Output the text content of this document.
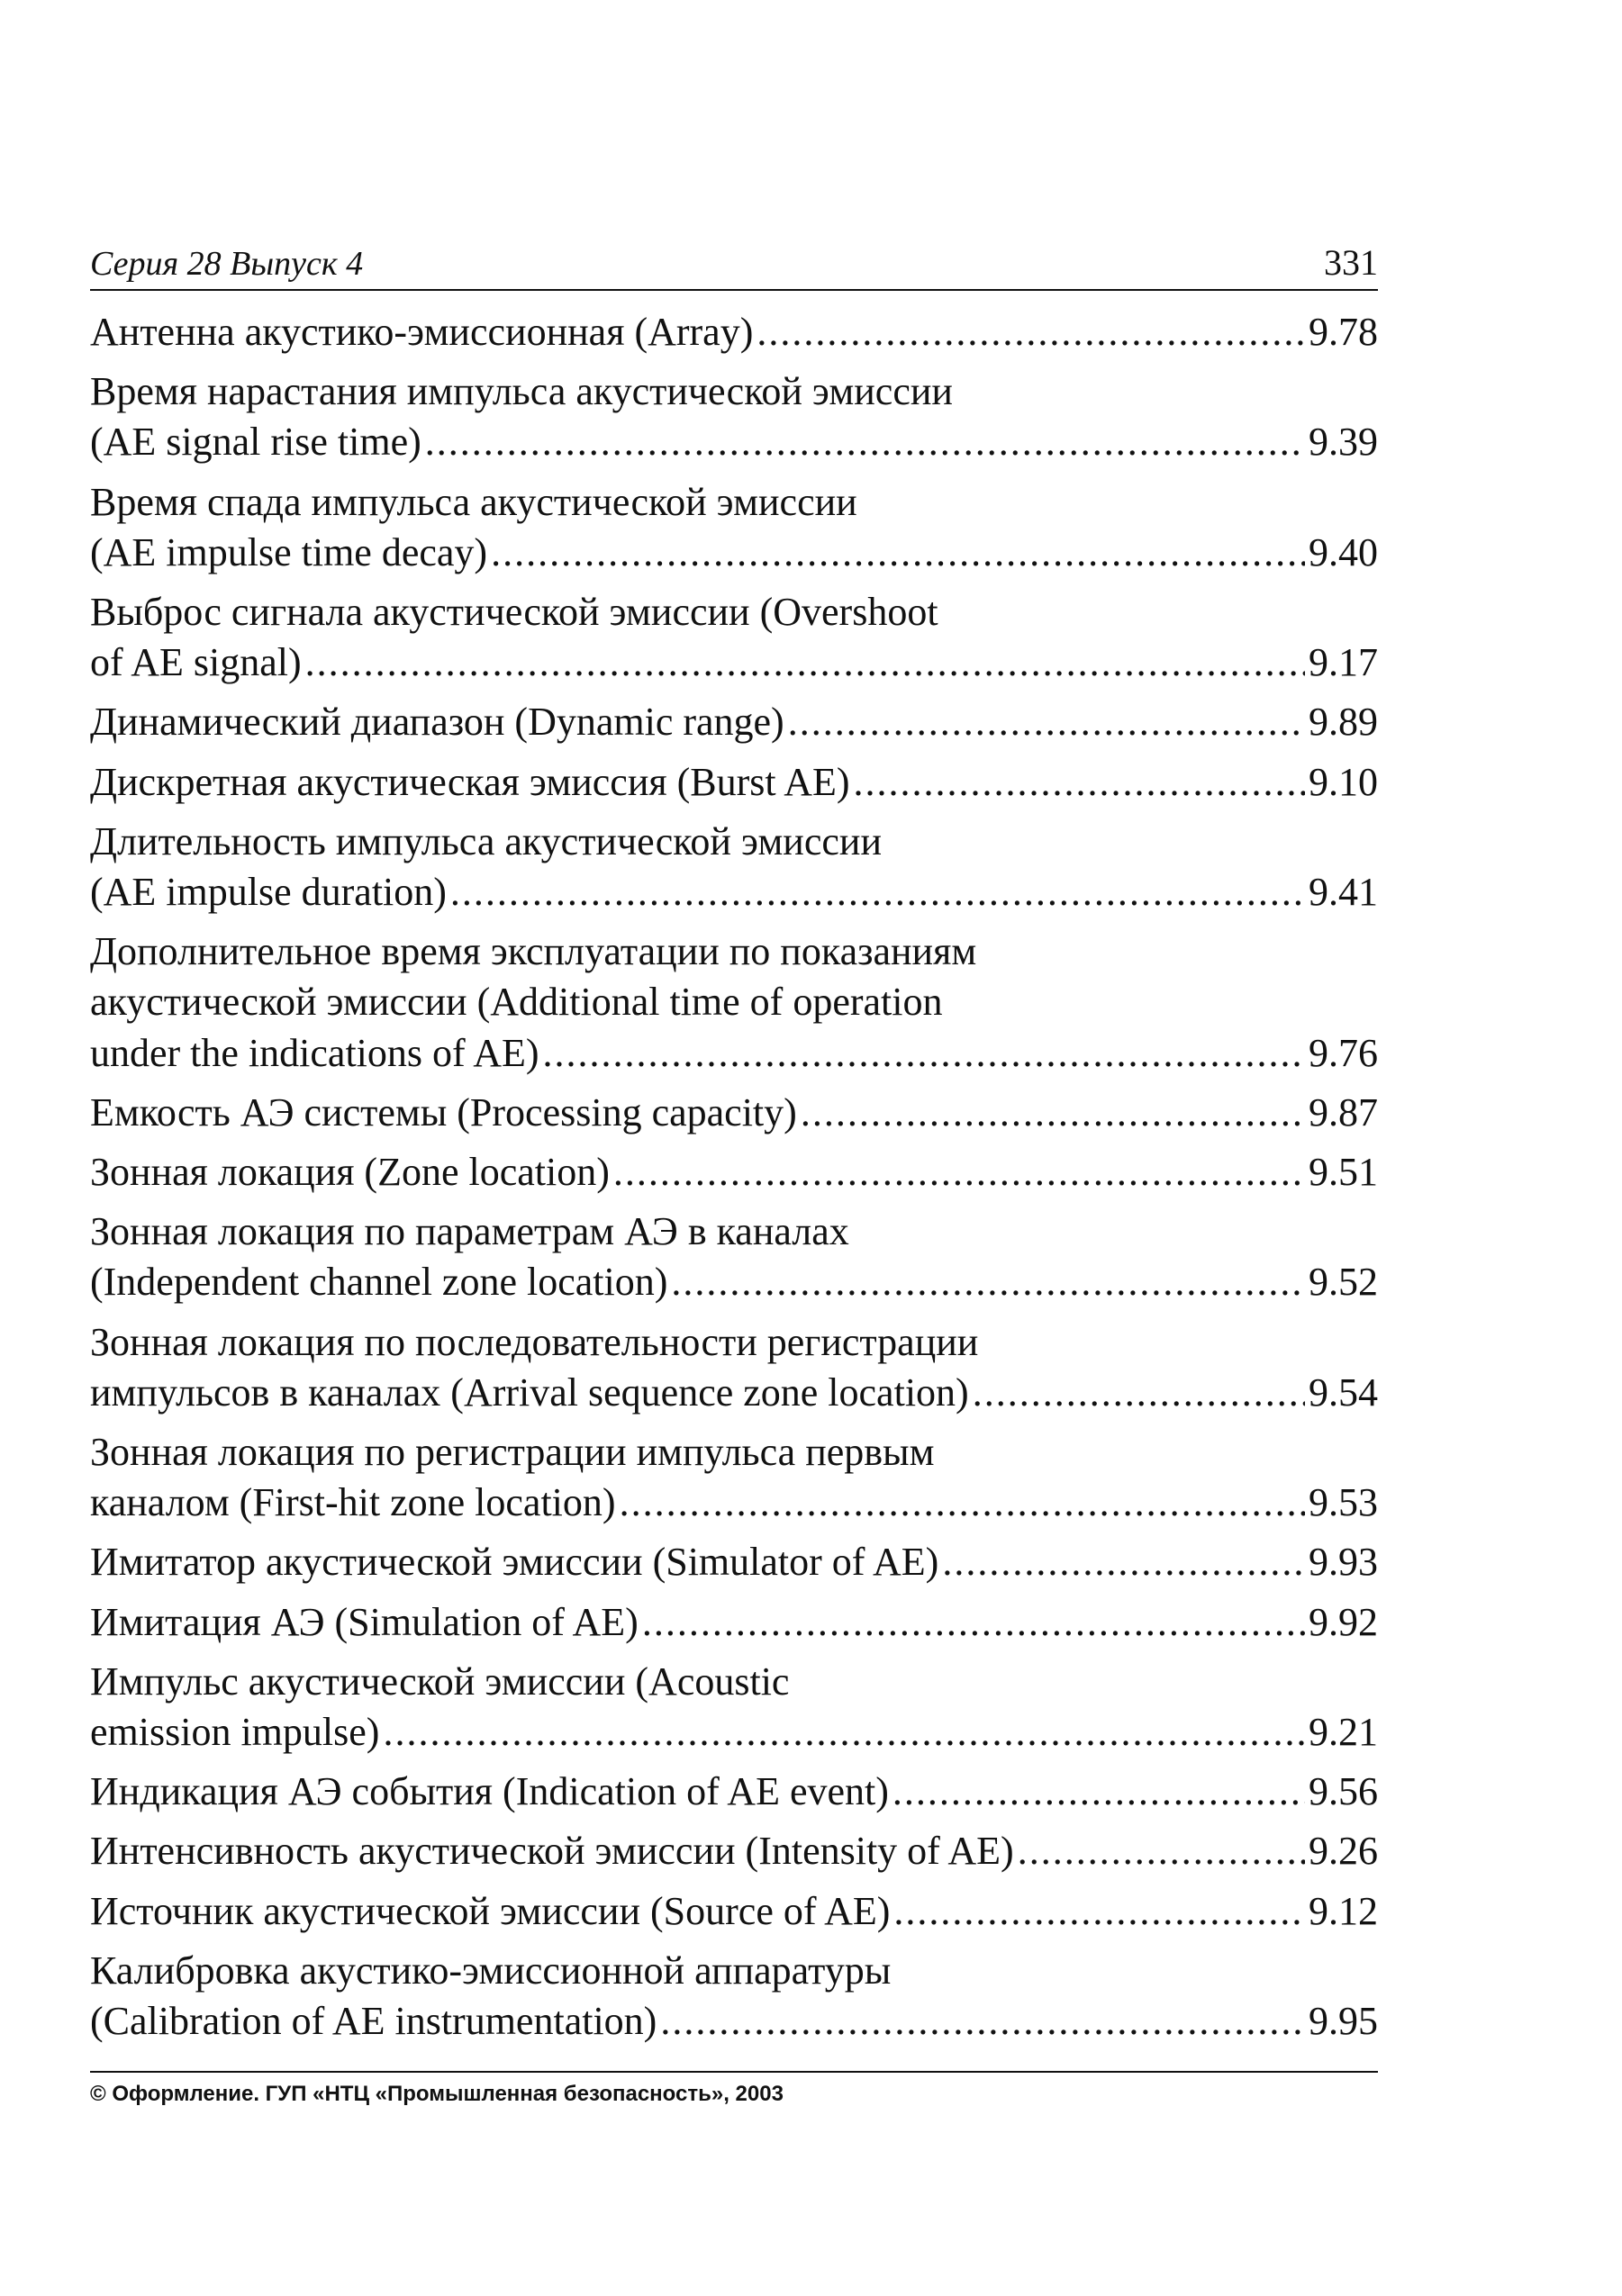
Серия 28 Выпуск 4	331
Антенна акустико-эмиссионная (Array) .....	9.78
Время нарастания импульса акустической эмиссии
(AE signal rise time) .....	9.39
Время спада импульса акустической эмиссии
(AE impulse time decay) .....	9.40
Выброс сигнала акустической эмиссии (Overshoot
of AE signal) .....	9.17
Динамический диапазон (Dynamic range) .....	9.89
Дискретная акустическая эмиссия (Burst AE) .....	9.10
Длительность импульса акустической эмиссии
(AE impulse duration) .....	9.41
Дополнительное время эксплуатации по показаниям
акустической эмиссии (Additional time of operation
under the indications of AE) .....	9.76
Емкость АЭ системы (Processing capacity) .....	9.87
Зонная локация (Zone location) .....	9.51
Зонная локация по параметрам АЭ в каналах
(Independent channel zone location) .....	9.52
Зонная локация по последовательности регистрации
импульсов в каналах (Arrival sequence zone location) .....	9.54
Зонная локация по регистрации импульса первым
каналом (First-hit zone location) .....	9.53
Имитатор акустической эмиссии (Simulator of AE) .....	9.93
Имитация АЭ (Simulation of AE) .....	9.92
Импульс акустической эмиссии (Acoustic
emission impulse) .....	9.21
Индикация АЭ события (Indication of AE event) .....	9.56
Интенсивность акустической эмиссии (Intensity of AE) .....	9.26
Источник акустической эмиссии (Source of AE) .....	9.12
Калибровка акустико-эмиссионной аппаратуры
(Calibration of AE instrumentation) .....	9.95
© Оформление. ГУП «НТЦ «Промышленная безопасность», 2003
